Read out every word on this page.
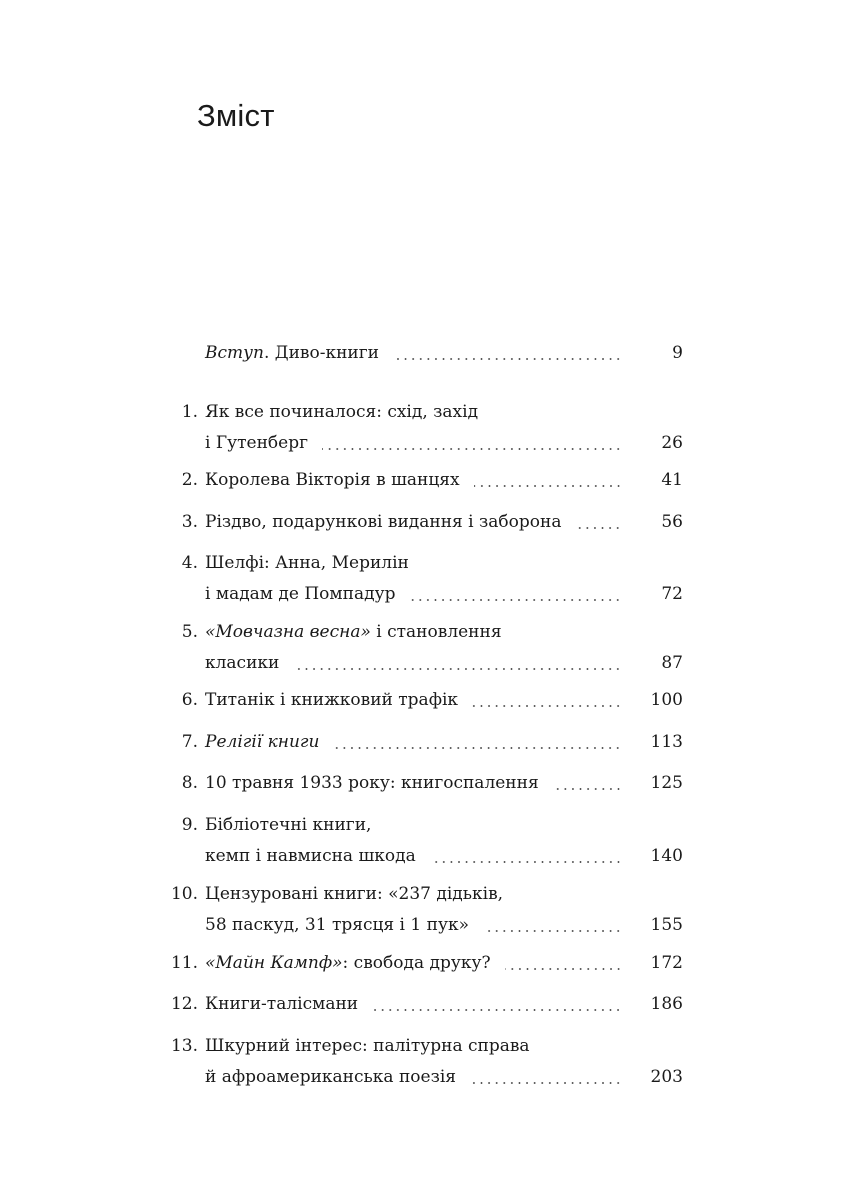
Зміст
Вступ. Диво-книги	9
1. Як все починалося: схід, захід
і Гутенберг	26
2. Королева Вікторія в шанцях	41
3. Різдво, подарункові видання і заборона	56
4. Шелфі: Анна, Мерилін
і мадам де Помпадур	72
5. «Мовчазна весна» і становлення
класики	87
6. Титанік і книжковий трафік	100
7. Релігії книги	113
8. 10 травня 1933 року: книгоспалення	125
9. Бібліотечні книги,
кемп і навмисна шкода	140
10. Цензуровані книги: «237 дідьків,
58 паскуд, 31 трясця і 1 пук»	155
11. «Майн Кампф»: свобода друку?	172
12. Книги-талісмани	186
13. Шкурний інтерес: палітурна справа
й афроамериканська поезія	203
